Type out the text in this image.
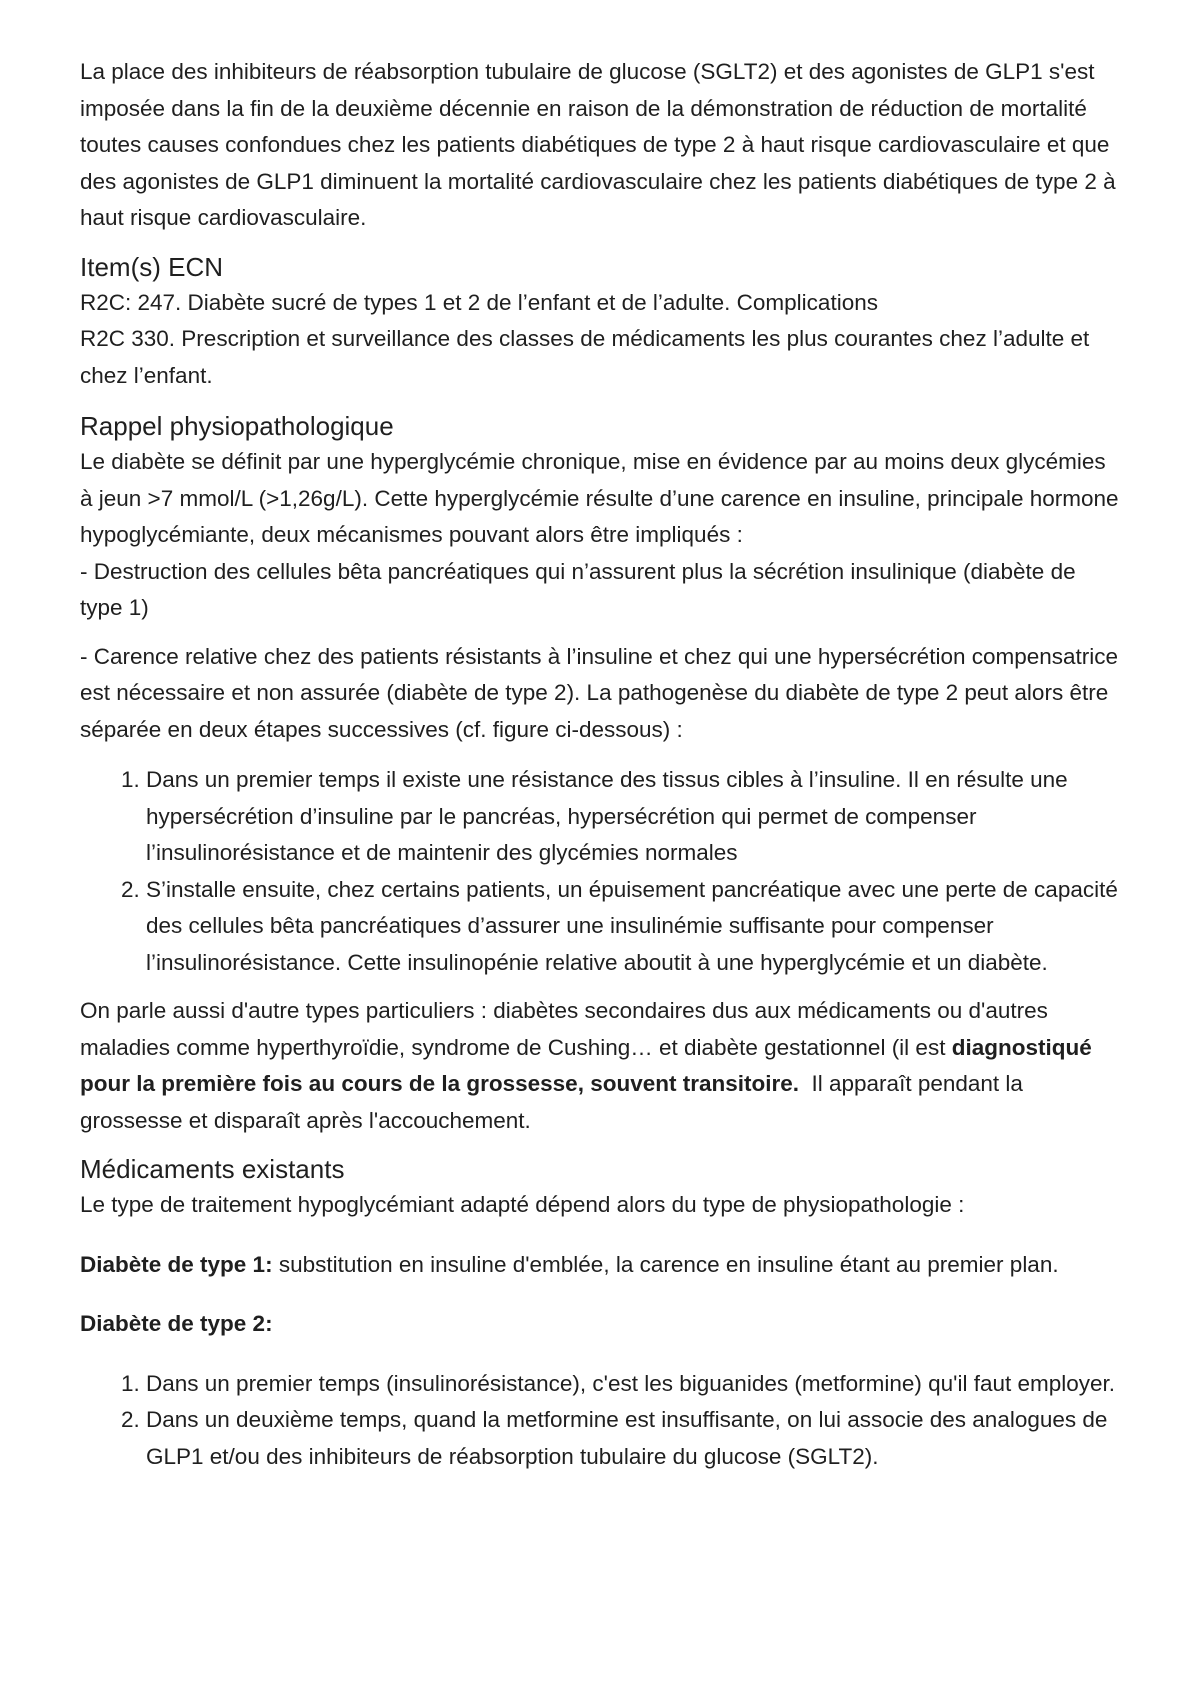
La place des inhibiteurs de réabsorption tubulaire de glucose (SGLT2) et des agonistes de GLP1 s'est imposée dans la fin de la deuxième décennie en raison de la démonstration de réduction de mortalité toutes causes confondues chez les patients diabétiques de type 2 à haut risque cardiovasculaire et que des agonistes de GLP1 diminuent la mortalité cardiovasculaire chez les patients diabétiques de type 2 à haut risque cardiovasculaire.

Item(s) ECN

R2C: 247. Diabète sucré de types 1 et 2 de l’enfant et de l’adulte. Complications

R2C 330. Prescription et surveillance des classes de médicaments les plus courantes chez l’adulte et chez l’enfant.

Rappel physiopathologique

Le diabète se définit par une hyperglycémie chronique, mise en évidence par au moins deux glycémies à jeun >7 mmol/L (>1,26g/L). Cette hyperglycémie résulte d’une carence en insuline, principale hormone hypoglycémiante, deux mécanismes pouvant alors être impliqués :

- Destruction des cellules bêta pancréatiques qui n’assurent plus la sécrétion insulinique (diabète de type 1)

- Carence relative chez des patients résistants à l’insuline et chez qui une hypersécrétion compensatrice est nécessaire et non assurée (diabète de type 2). La pathogenèse du diabète de type 2 peut alors être séparée en deux étapes successives (cf. figure ci-dessous) :

1. Dans un premier temps il existe une résistance des tissus cibles à l’insuline. Il en résulte une hypersécrétion d’insuline par le pancréas, hypersécrétion qui permet de compenser l’insulinorésistance et de maintenir des glycémies normales
2. S’installe ensuite, chez certains patients, un épuisement pancréatique avec une perte de capacité des cellules bêta pancréatiques d’assurer une insulinémie suffisante pour compenser l’insulinorésistance. Cette insulinopénie relative aboutit à une hyperglycémie et un diabète.

On parle aussi d'autre types particuliers : diabètes secondaires dus aux médicaments ou d'autres maladies comme hyperthyroïdie, syndrome de Cushing… et diabète gestationnel (il est diagnostiqué pour la première fois au cours de la grossesse, souvent transitoire.  Il apparaît pendant la grossesse et disparaît après l'accouchement.

Médicaments existants

Le type de traitement hypoglycémiant adapté dépend alors du type de physiopathologie :

Diabète de type 1: substitution en insuline d'emblée, la carence en insuline étant au premier plan.

Diabète de type 2:

1. Dans un premier temps (insulinorésistance), c'est les biguanides (metformine) qu'il faut employer.
2. Dans un deuxième temps, quand la metformine est insuffisante, on lui associe des analogues de GLP1 et/ou des inhibiteurs de réabsorption tubulaire du glucose (SGLT2).
